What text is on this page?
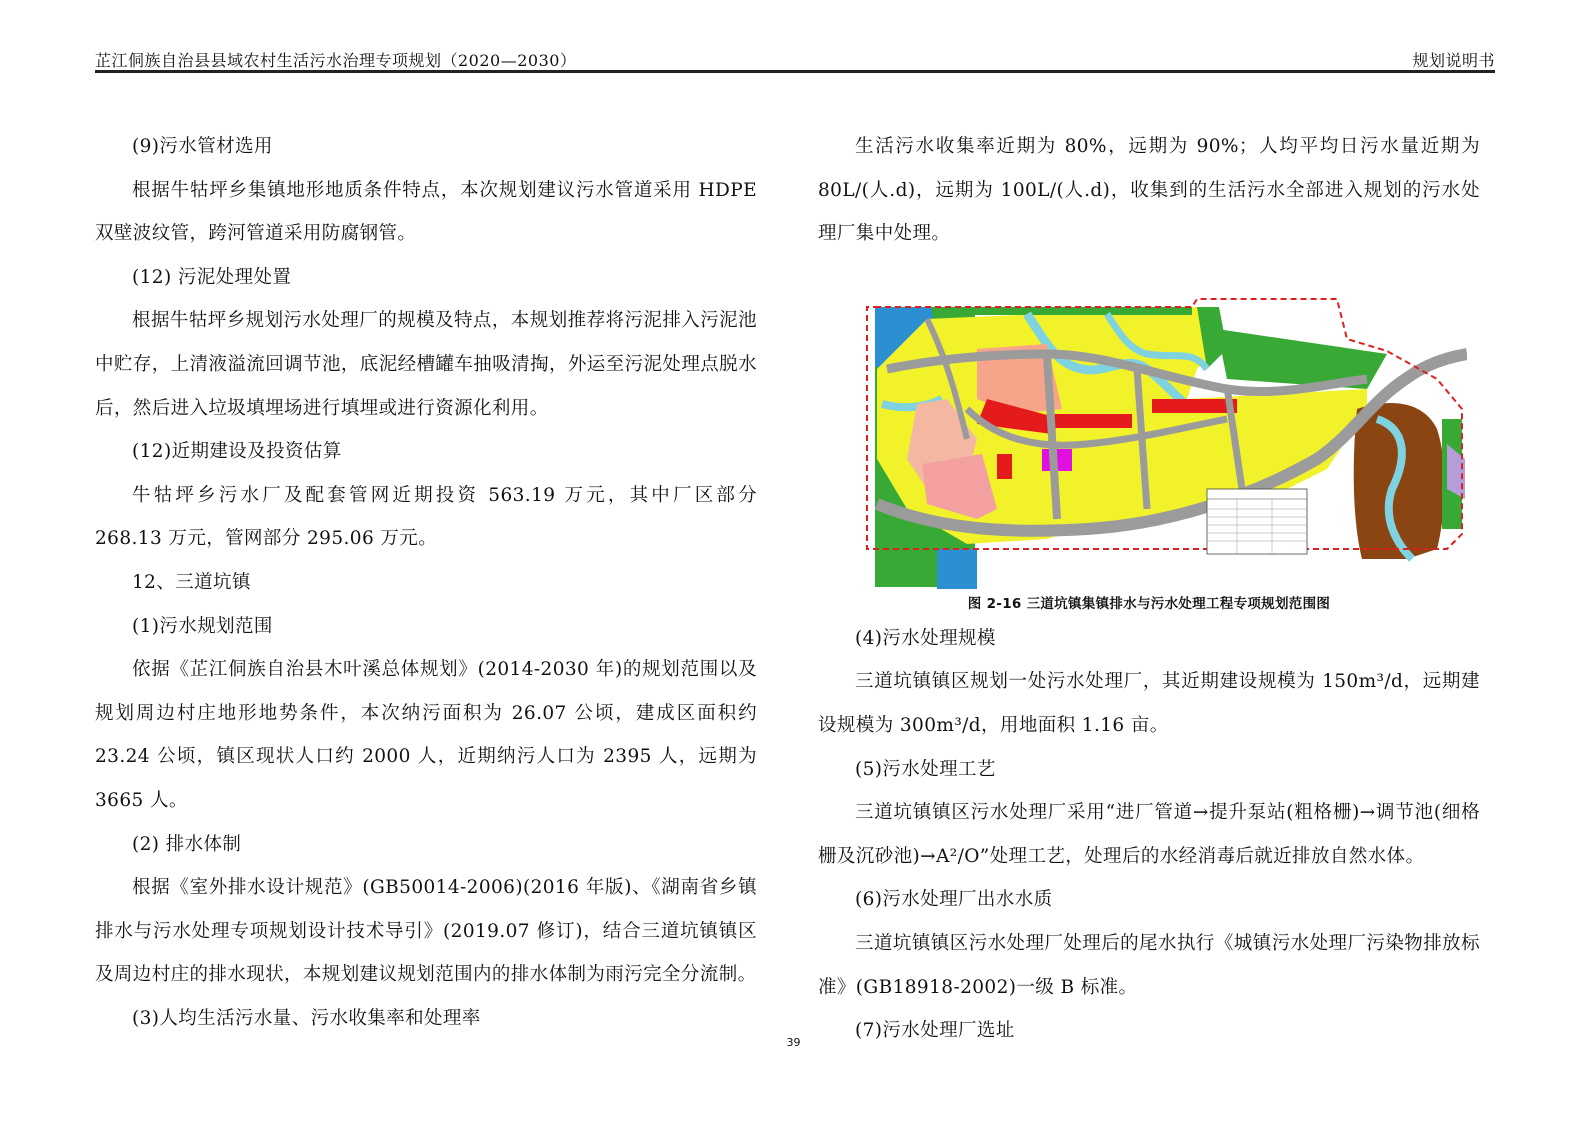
芷江侗族自治县县域农村生活污水治理专项规划（2020—2030）	规划说明书

(9)污水管材选用

根据牛牯坪乡集镇地形地质条件特点，本次规划建议污水管道采用 HDPE 双壁波纹管，跨河管道采用防腐钢管。

(12) 污泥处理处置

根据牛牯坪乡规划污水处理厂的规模及特点，本规划推荐将污泥排入污泥池中贮存，上清液溢流回调节池，底泥经槽罐车抽吸清掏，外运至污泥处理点脱水后，然后进入垃圾填埋场进行填埋或进行资源化利用。

(12)近期建设及投资估算

牛牯坪乡污水厂及配套管网近期投资 563.19 万元，其中厂区部分 268.13 万元，管网部分 295.06 万元。

12、三道坑镇

(1)污水规划范围

依据《芷江侗族自治县木叶溪总体规划》(2014-2030 年)的规划范围以及规划周边村庄地形地势条件，本次纳污面积为 26.07 公顷，建成区面积约 23.24 公顷，镇区现状人口约 2000 人，近期纳污人口为 2395 人，远期为 3665 人。

(2) 排水体制

根据《室外排水设计规范》(GB50014-2006)(2016 年版)、《湖南省乡镇排水与污水处理专项规划设计技术导引》(2019.07 修订)，结合三道坑镇镇区及周边村庄的排水现状，本规划建议规划范围内的排水体制为雨污完全分流制。

(3)人均生活污水量、污水收集率和处理率

生活污水收集率近期为 80%，远期为 90%；人均平均日污水量近期为 80L/(人.d)，远期为 100L/(人.d)，收集到的生活污水全部进入规划的污水处理厂集中处理。

图 2-16 三道坑镇集镇排水与污水处理工程专项规划范围图

(4)污水处理规模

三道坑镇镇区规划一处污水处理厂，其近期建设规模为 150m³/d，远期建设规模为 300m³/d，用地面积 1.16 亩。

(5)污水处理工艺

三道坑镇镇区污水处理厂采用“进厂管道→提升泵站(粗格栅)→调节池(细格栅及沉砂池)→A²/O”处理工艺，处理后的水经消毒后就近排放自然水体。

(6)污水处理厂出水水质

三道坑镇镇区污水处理厂处理后的尾水执行《城镇污水处理厂污染物排放标准》(GB18918-2002)一级 B 标准。

(7)污水处理厂选址

39
